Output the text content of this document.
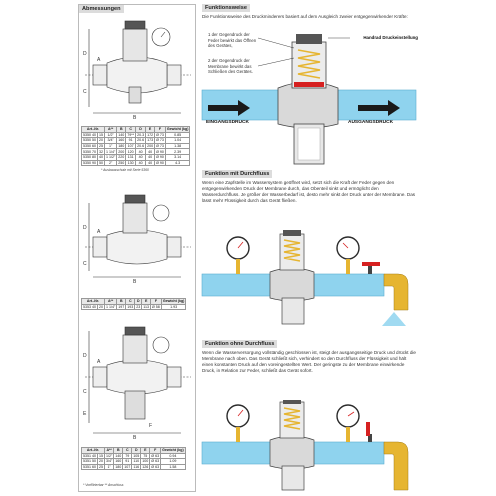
Abmessungen
D
C
B
A
Art.-Nr.		A**	B	C	D	E	F	Gewicht (kg)
5350 40	15	1/2"	140	79**	20.3	172	Ø 73	0.85
5350 50	20	3/4"	160	91	20.6	173	Ø 73	1.04
5350 60	25	1"	180	107	20.6	200	Ø 73	1.38
5350 70	32	1 1/4"	200	120	40	40	Ø 90	2.39
5350 80	40	1 1/2"	220	131	40	40	Ø 90	3.14
5350 90	50	2"	250	130	40	40	Ø 90	4.3
* Ausbausschutz mit Serie 5360
D
C
B
A
Art.-Nr.		A**	B	C	D	E	F	Gewicht (kg)
5353 40	20	1 1/4"	197	193	23	113	Ø 58	1.93
D
C
E
B
F
A
Art.-Nr.		A**	B	C	D	E	F	Gewicht (kg)
5351 40	15	1/2"	140	79	105	75	Ø 63	0.94
5351 50	20	3/4"	160	91	110	100	Ø 63	1.09
5351 60	25	1"	180	107	116	126	Ø 63	1.58
* Vorfiltrierbar ** Anschluss
Funktionsweise
Die Funktionsweise des Druckminderers basiert auf dem Ausgleich zweier entgegenwirkender Kräfte:
1 der Gegendruck der Feder bewirkt das Öffnen des Gerätes,
2 der Gegendruck der Membrane bewirkt das Schließen des Gerätes.
Handrad Druckeinstellung
EINGANGSDRUCK	AUSGANGSDRUCK
Funktion mit Durchfluss
Wenn eine Zapfstelle im Wassersystem geöffnet wird, setzt sich die Kraft der Feder gegen den entgegenwirkenden Druck der Membrane durch, das Obenteil sinkt und ermöglicht den Wasserdurchfluss. Je größer der Wasserbedarf ist, desto mehr sinkt der Druck unter der Membrane. Das lässt mehr Flüssigkeit durch das Gerät fließen.
Funktion ohne Durchfluss
Wenn die Wasserversorgung vollständig geschlossen ist, steigt der ausgangsseitige Druck und drückt die Membrane nach oben. Das Gerät schließt sich, verhindert so den Durchfluss der Flüssigkeit und hält einen konstanten Druck auf den voreingestellten Wert. Der geringste zu der Membrane einwirkende Druck, in Relation zur Feder, schließt das Gerät sofort.
